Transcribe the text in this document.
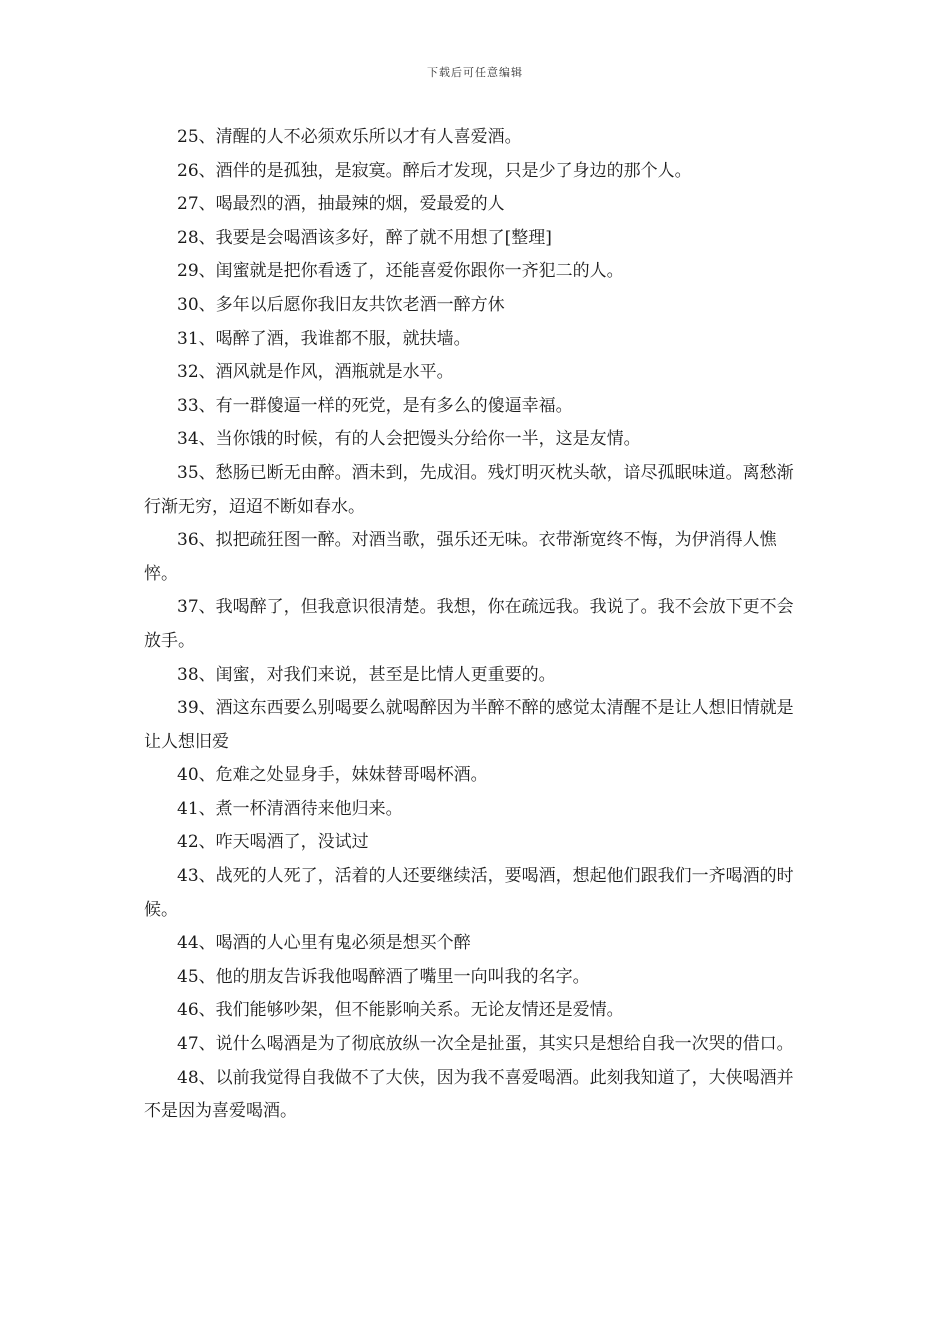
下载后可任意编辑

25、清醒的人不必须欢乐所以才有人喜爱酒。

26、酒伴的是孤独，是寂寞。醉后才发现，只是少了身边的那个人。

27、喝最烈的酒，抽最辣的烟，爱最爱的人

28、我要是会喝酒该多好，醉了就不用想了[整理]

29、闺蜜就是把你看透了，还能喜爱你跟你一齐犯二的人。

30、多年以后愿你我旧友共饮老酒一醉方休

31、喝醉了酒，我谁都不服，就扶墙。

32、酒风就是作风，酒瓶就是水平。

33、有一群傻逼一样的死党，是有多么的傻逼幸福。

34、当你饿的时候，有的人会把馒头分给你一半，这是友情。

35、愁肠已断无由醉。酒未到，先成泪。残灯明灭枕头欹，谙尽孤眠味道。离愁渐行渐无穷，迢迢不断如春水。

36、拟把疏狂图一醉。对酒当歌，强乐还无味。衣带渐宽终不悔，为伊消得人憔悴。

37、我喝醉了，但我意识很清楚。我想，你在疏远我。我说了。我不会放下更不会放手。

38、闺蜜，对我们来说，甚至是比情人更重要的。

39、酒这东西要么别喝要么就喝醉因为半醉不醉的感觉太清醒不是让人想旧情就是让人想旧爱

40、危难之处显身手，妹妹替哥喝杯酒。

41、煮一杯清酒待来他归来。

42、咋天喝酒了，没试过

43、战死的人死了，活着的人还要继续活，要喝酒，想起他们跟我们一齐喝酒的时候。

44、喝酒的人心里有鬼必须是想买个醉

45、他的朋友告诉我他喝醉酒了嘴里一向叫我的名字。

46、我们能够吵架，但不能影响关系。无论友情还是爱情。

47、说什么喝酒是为了彻底放纵一次全是扯蛋，其实只是想给自我一次哭的借口。

48、以前我觉得自我做不了大侠，因为我不喜爱喝酒。此刻我知道了，大侠喝酒并不是因为喜爱喝酒。
